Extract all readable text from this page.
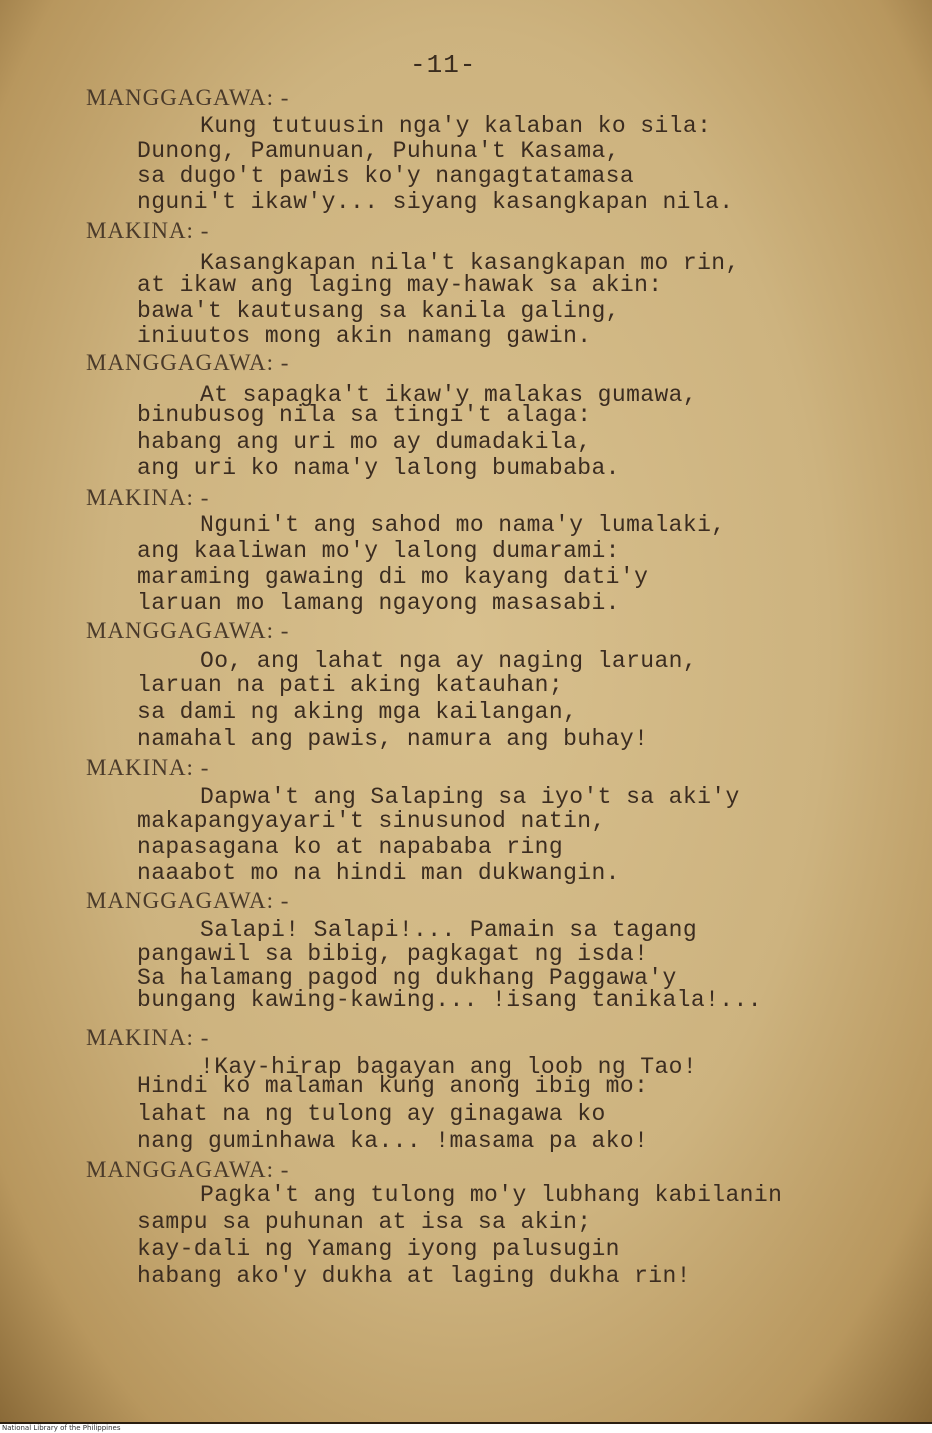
-11-
MANGGAGAWA: -
Kung tutuusin nga'y kalaban ko sila:
Dunong, Pamunuan, Puhuna't Kasama,
sa dugo't pawis ko'y nangagtatamasa
nguni't ikaw'y... siyang kasangkapan nila.
MAKINA: -
Kasangkapan nila't kasangkapan mo rin,
at ikaw ang laging may-hawak sa akin:
bawa't kautusang sa kanila galing,
iniuutos mong akin namang gawin.
MANGGAGAWA: -
At sapagka't ikaw'y malakas gumawa,
binubusog nila sa tingi't alaga:
habang ang uri mo ay dumadakila,
ang uri ko nama'y lalong bumababa.
MAKINA: -
Nguni't ang sahod mo nama'y lumalaki,
ang kaaliwan mo'y lalong dumarami:
maraming gawaing di mo kayang dati'y
laruan mo lamang ngayong masasabi.
MANGGAGAWA: -
Oo, ang lahat nga ay naging laruan,
laruan na pati aking katauhan;
sa dami ng aking mga kailangan,
namahal ang pawis, namura ang buhay!
MAKINA: -
Dapwa't ang Salaping sa iyo't sa aki'y
makapangyayari't sinusunod natin,
napasagana ko at napababa ring
naaabot mo na hindi man dukwangin.
MANGGAGAWA: -
Salapi! Salapi!... Pamain sa tagang
pangawil sa bibig, pagkagat ng isda!
Sa halamang pagod ng dukhang Paggawa'y
bungang kawing-kawing... !isang tanikala!...
MAKINA: -
!Kay-hirap bagayan ang loob ng Tao!
Hindi ko malaman kung anong ibig mo:
lahat na ng tulong ay ginagawa ko
nang guminhawa ka... !masama pa ako!
MANGGAGAWA: -
Pagka't ang tulong mo'y lubhang kabilanin
sampu sa puhunan at isa sa akin;
kay-dali ng Yamang iyong palusugin
habang ako'y dukha at laging dukha rin!
National Library of the Philippines
